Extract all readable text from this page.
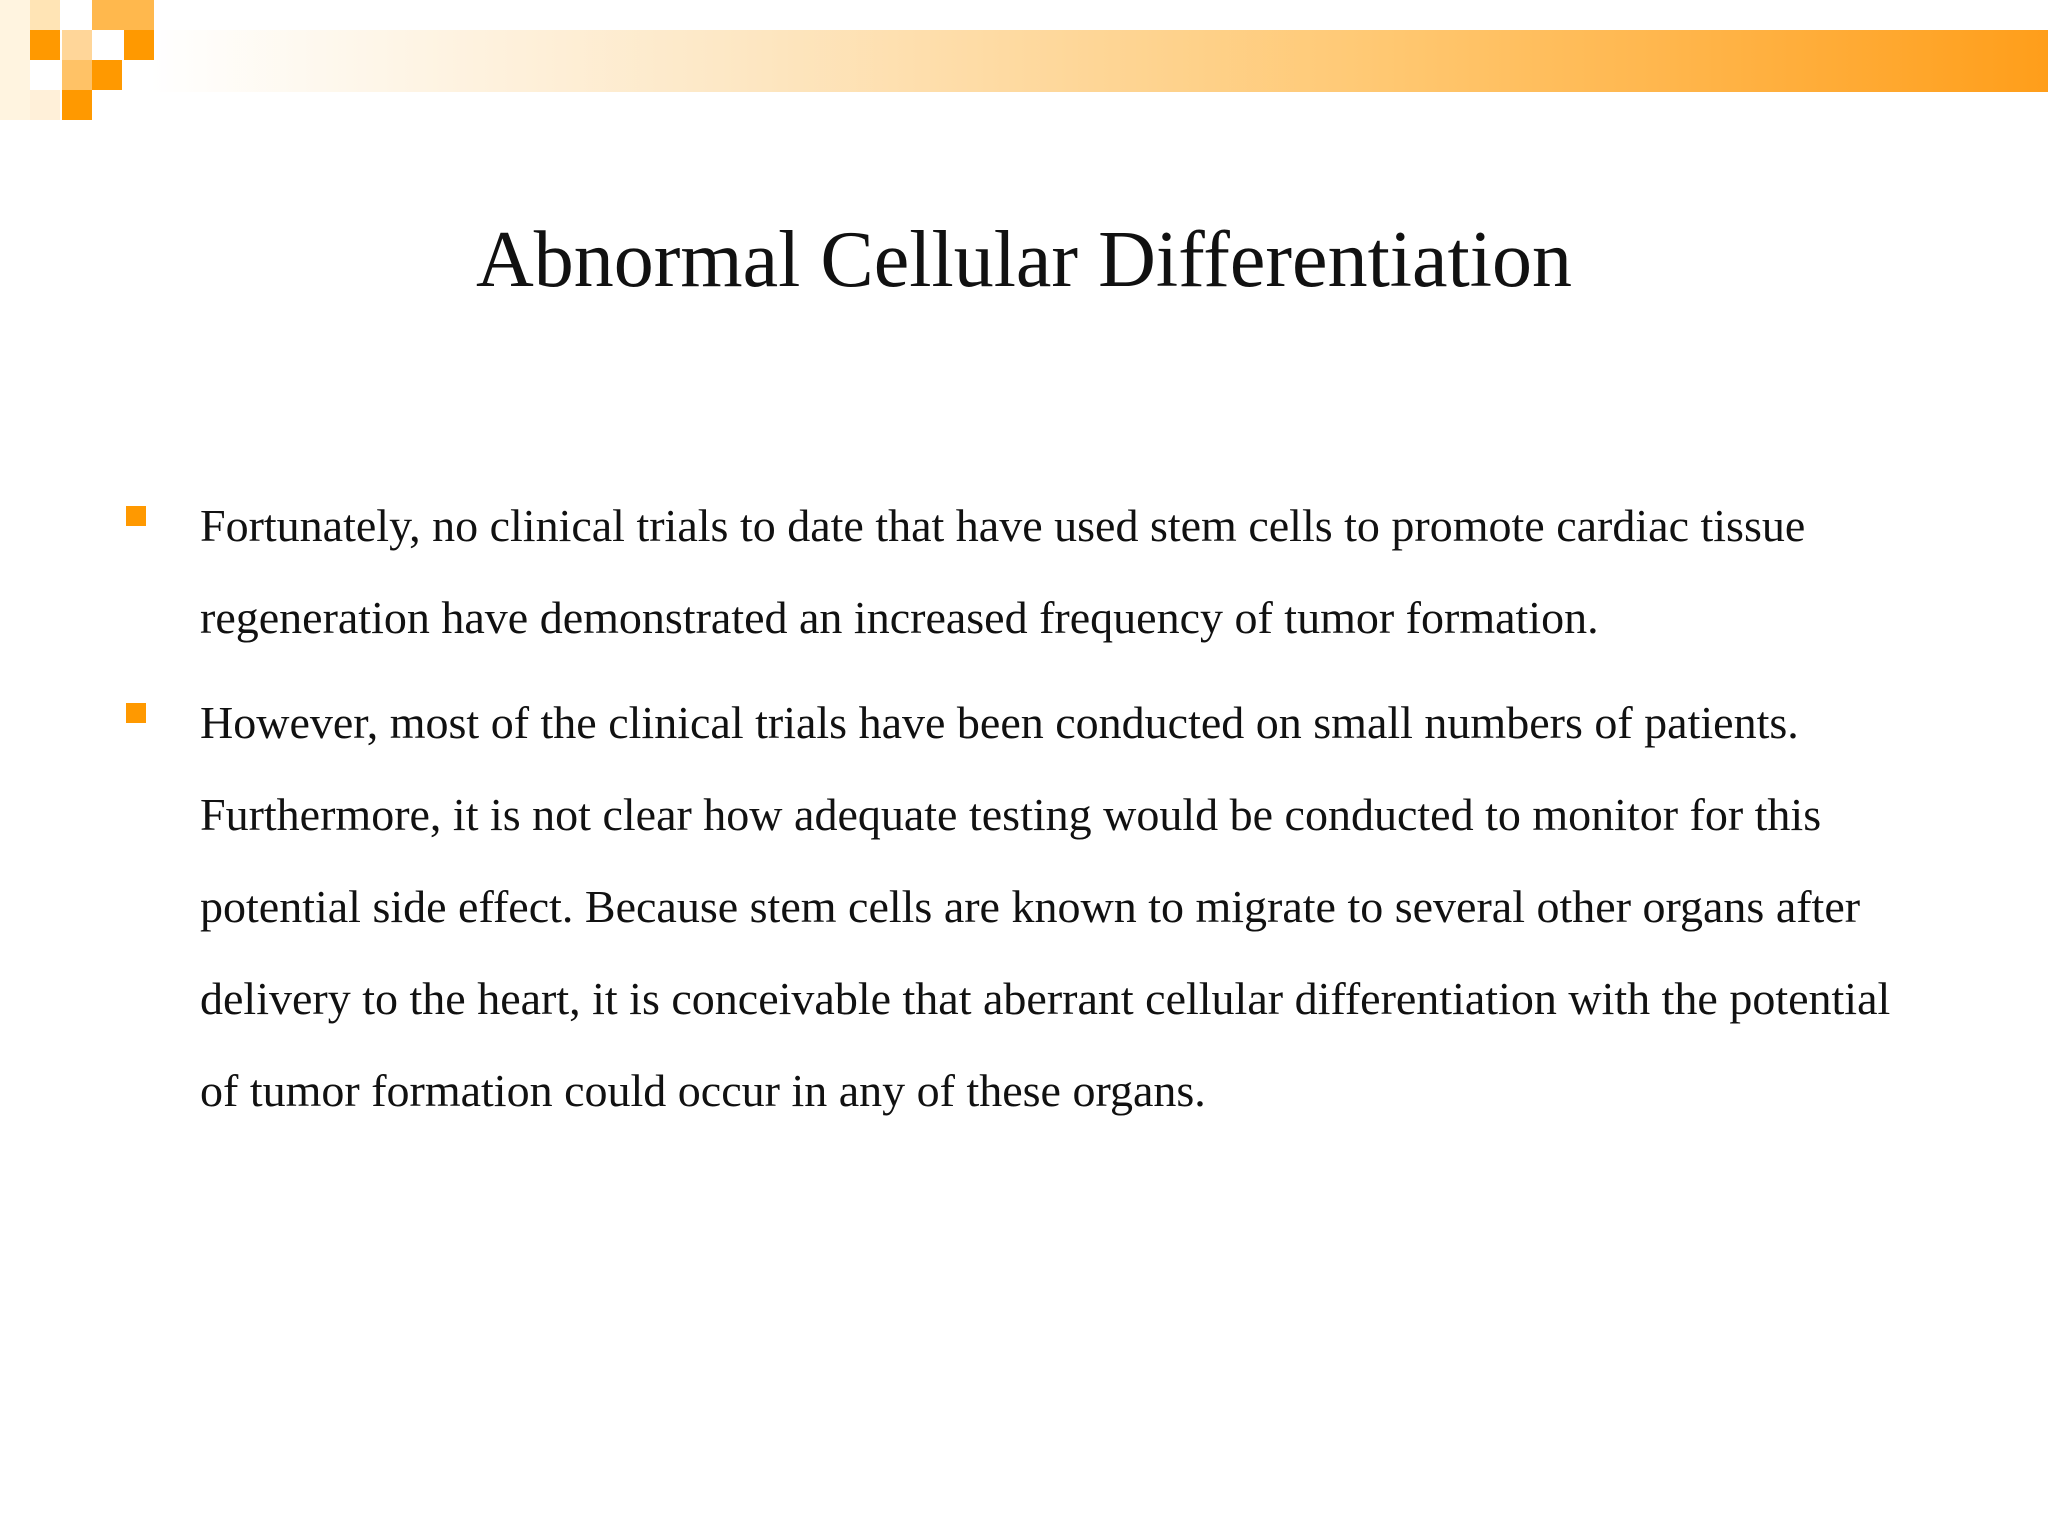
Abnormal Cellular Differentiation
Fortunately, no clinical trials to date that have used stem cells to promote cardiac tissue regeneration have demonstrated an increased frequency of tumor formation.
However, most of the clinical trials have been conducted on small numbers of patients. Furthermore, it is not clear how adequate testing would be conducted to monitor for this potential side effect. Because stem cells are known to migrate to several other organs after delivery to the heart, it is conceivable that aberrant cellular differentiation with the potential of tumor formation could occur in any of these organs.
